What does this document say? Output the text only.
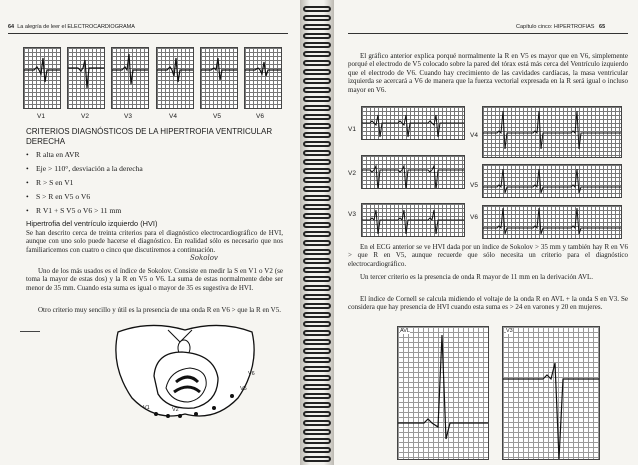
64 La alegría de leer el ELECTROCARDIOGRAMA
V1	V2	V3	V4	V5	V6
CRITERIOS DIAGNÓSTICOS DE LA HIPERTROFIA VENTRICULAR DERECHA
• R alta en AVR
• Eje > 110°, desviación a la derecha
• R > S en V1
• S > R en V5 o V6
• R V1 + S V5 o V6 > 11 mm
Hipertrofia del ventrículo izquierdo (HVI)
Se han descrito cerca de treinta criterios para el diagnóstico electrocardiográfico de HVI, aunque con uno solo puede hacerse el diagnóstico. En realidad sólo es necesario que nos familiaricemos con cuatro o cinco que discutiremos a continuación.
Sokolov
Uno de los más usados es el índice de Sokolov. Consiste en medir la S en V1 o V2 (se toma la mayor de estas dos) y la R en V5 o V6. La suma de estas normalmente debe ser menor de 35 mm. Cuando esta suma es igual o mayor de 35 es sugestiva de HVI.
Otro criterio muy sencillo y útil es la presencia de una onda R en V6 > que la R en V5.
V1	V2
V5
V6
Capítulo cinco: HIPERTROFIAS 65
El gráfico anterior explica porqué normalmente la R en V5 es mayor que en V6, simplemente porqué el electrodo de V5 colocado sobre la pared del tórax está más cerca del Ventrículo izquierdo que el electrodo de V6. Cuando hay crecimiento de las cavidades cardíacas, la masa ventricular izquierda se acercará a V6 de manera que la fuerza vectorial expresada en la R será igual o incluso mayor en V6.
V1
V2
V3
V4
V5
V6
En el ECG anterior se ve HVI dada por un índice de Sokolov > 35 mm y también hay R en V6 > que R en V5, aunque recuerde que sólo necesita un criterio para el diagnóstico electrocardiográfico.
Un tercer criterio es la presencia de onda R mayor de 11 mm en la derivación AVL.
El índice de Cornell se calcula midiendo el voltaje de la onda R en AVL + la onda S en V3. Se considera que hay presencia de HVI cuando esta suma es > 24 en varones y 20 en mujeres.
AVL	V3
